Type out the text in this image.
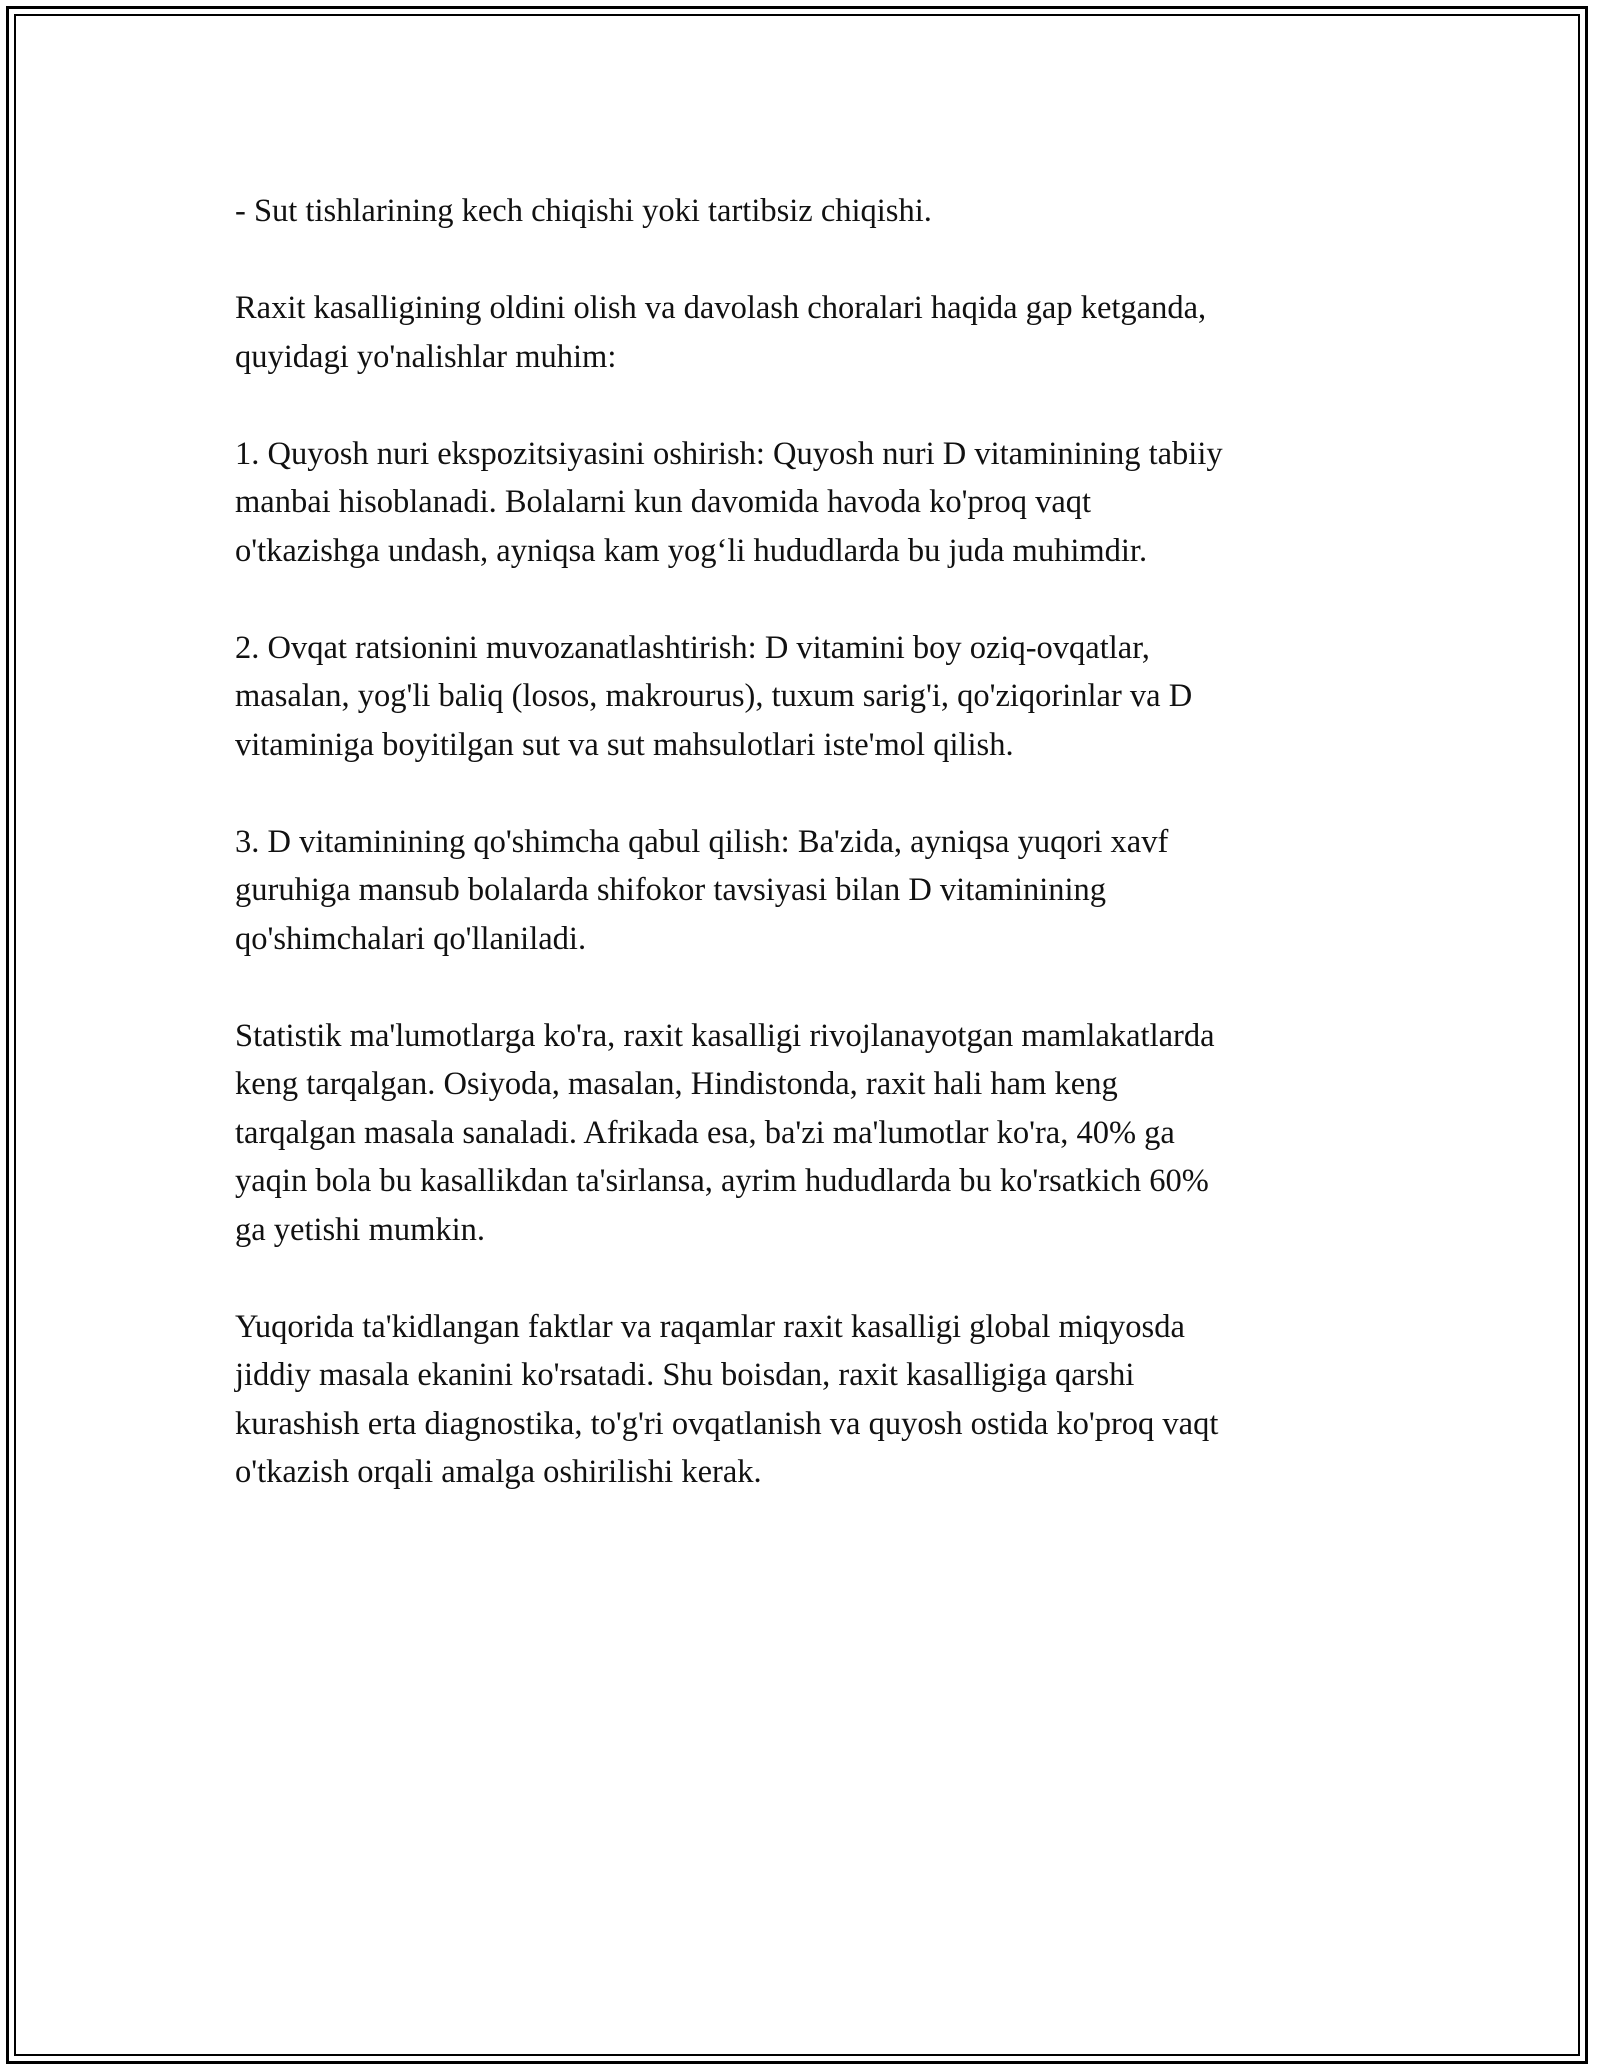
- Sut tishlarining kech chiqishi yoki tartibsiz chiqishi.

Raxit kasalligining oldini olish va davolash choralari haqida gap ketganda,
quyidagi yo'nalishlar muhim:

1. Quyosh nuri ekspozitsiyasini oshirish: Quyosh nuri D vitaminining tabiiy
manbai hisoblanadi. Bolalarni kun davomida havoda ko'proq vaqt
o'tkazishga undash, ayniqsa kam yog‘li hududlarda bu juda muhimdir.

2. Ovqat ratsionini muvozanatlashtirish: D vitamini boy oziq-ovqatlar,
masalan, yog'li baliq (losos, makrourus), tuxum sarig'i, qo'ziqorinlar va D
vitaminiga boyitilgan sut va sut mahsulotlari iste'mol qilish.

3. D vitaminining qo'shimcha qabul qilish: Ba'zida, ayniqsa yuqori xavf
guruhiga mansub bolalarda shifokor tavsiyasi bilan D vitaminining
qo'shimchalari qo'llaniladi.

Statistik ma'lumotlarga ko'ra, raxit kasalligi rivojlanayotgan mamlakatlarda
keng tarqalgan. Osiyoda, masalan, Hindistonda, raxit hali ham keng
tarqalgan masala sanaladi. Afrikada esa, ba'zi ma'lumotlar ko'ra, 40% ga
yaqin bola bu kasallikdan ta'sirlansa, ayrim hududlarda bu ko'rsatkich 60%
ga yetishi mumkin.

Yuqorida ta'kidlangan faktlar va raqamlar raxit kasalligi global miqyosda
jiddiy masala ekanini ko'rsatadi. Shu boisdan, raxit kasalligiga qarshi
kurashish erta diagnostika, to'g'ri ovqatlanish va quyosh ostida ko'proq vaqt
o'tkazish orqali amalga oshirilishi kerak.
